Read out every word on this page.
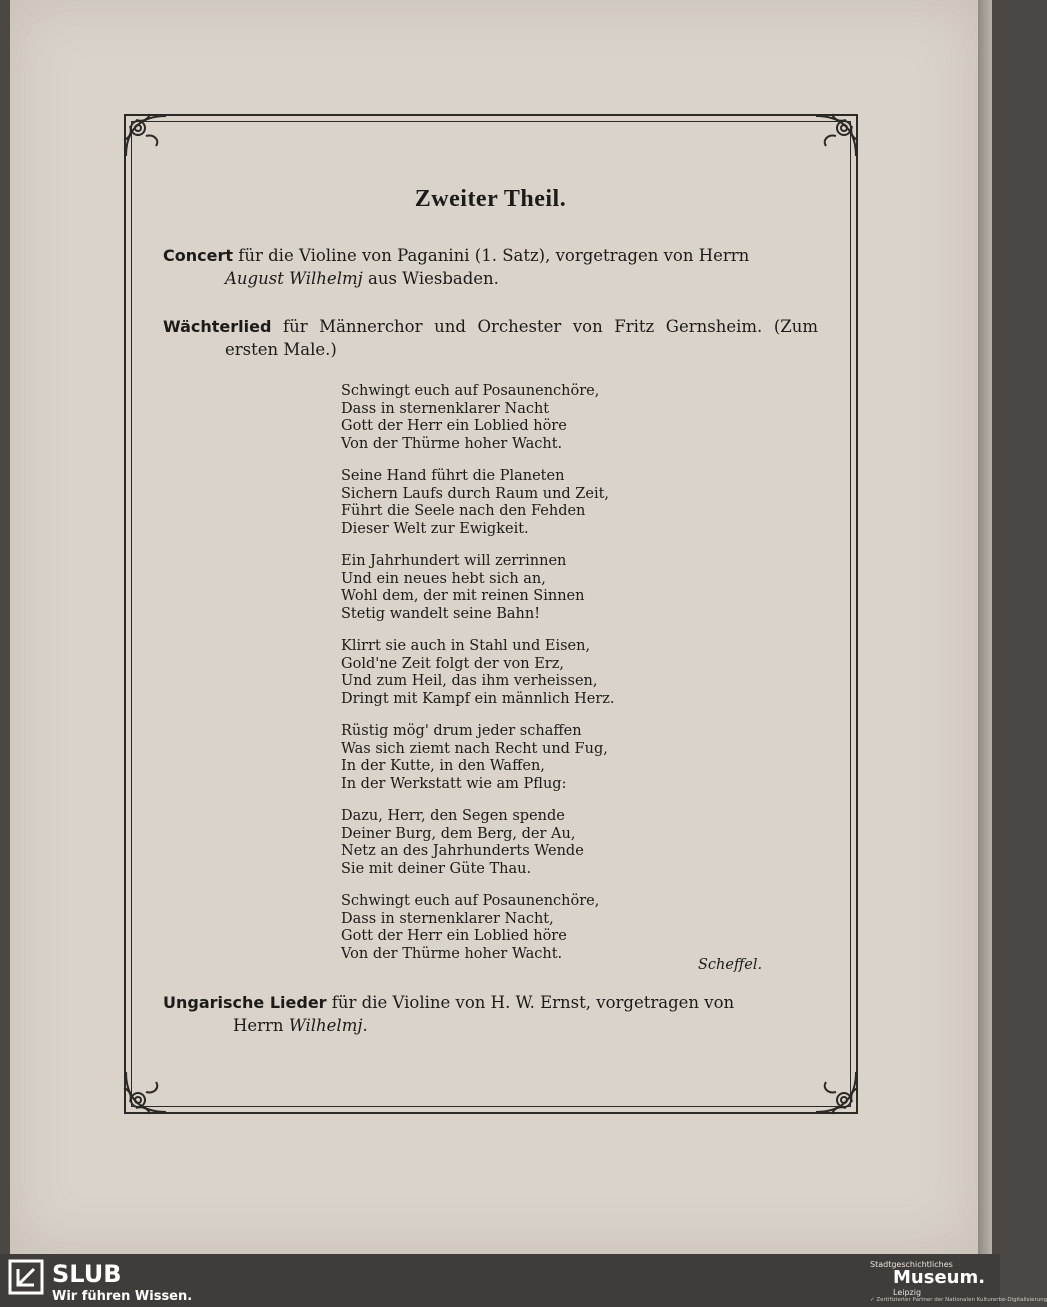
Zweiter Theil.
Concert für die Violine von Paganini (1. Satz), vorgetragen von Herrn
August Wilhelmj aus Wiesbaden.
Wächterlied für Männerchor und Orchester von Fritz Gernsheim. (Zum ersten Male.)
Schwingt euch auf Posaunenchöre,
Dass in sternenklarer Nacht
Gott der Herr ein Loblied höre
Von der Thürme hoher Wacht.
Seine Hand führt die Planeten
Sichern Laufs durch Raum und Zeit,
Führt die Seele nach den Fehden
Dieser Welt zur Ewigkeit.
Ein Jahrhundert will zerrinnen
Und ein neues hebt sich an,
Wohl dem, der mit reinen Sinnen
Stetig wandelt seine Bahn!
Klirrt sie auch in Stahl und Eisen,
Gold'ne Zeit folgt der von Erz,
Und zum Heil, das ihm verheissen,
Dringt mit Kampf ein männlich Herz.
Rüstig mög' drum jeder schaffen
Was sich ziemt nach Recht und Fug,
In der Kutte, in den Waffen,
In der Werkstatt wie am Pflug:
Dazu, Herr, den Segen spende
Deiner Burg, dem Berg, der Au,
Netz an des Jahrhunderts Wende
Sie mit deiner Güte Thau.
Schwingt euch auf Posaunenchöre,
Dass in sternenklarer Nacht,
Gott der Herr ein Loblied höre
Von der Thürme hoher Wacht.
Scheffel.
Ungarische Lieder für die Violine von H. W. Ernst, vorgetragen von
Herrn Wilhelmj.
SLUB
Wir führen Wissen.
Stadtgeschichtliches
Museum.
Leipzig
✓ Zertifizierter Partner der Nationalen Kulturerbe-Digitalisierung
